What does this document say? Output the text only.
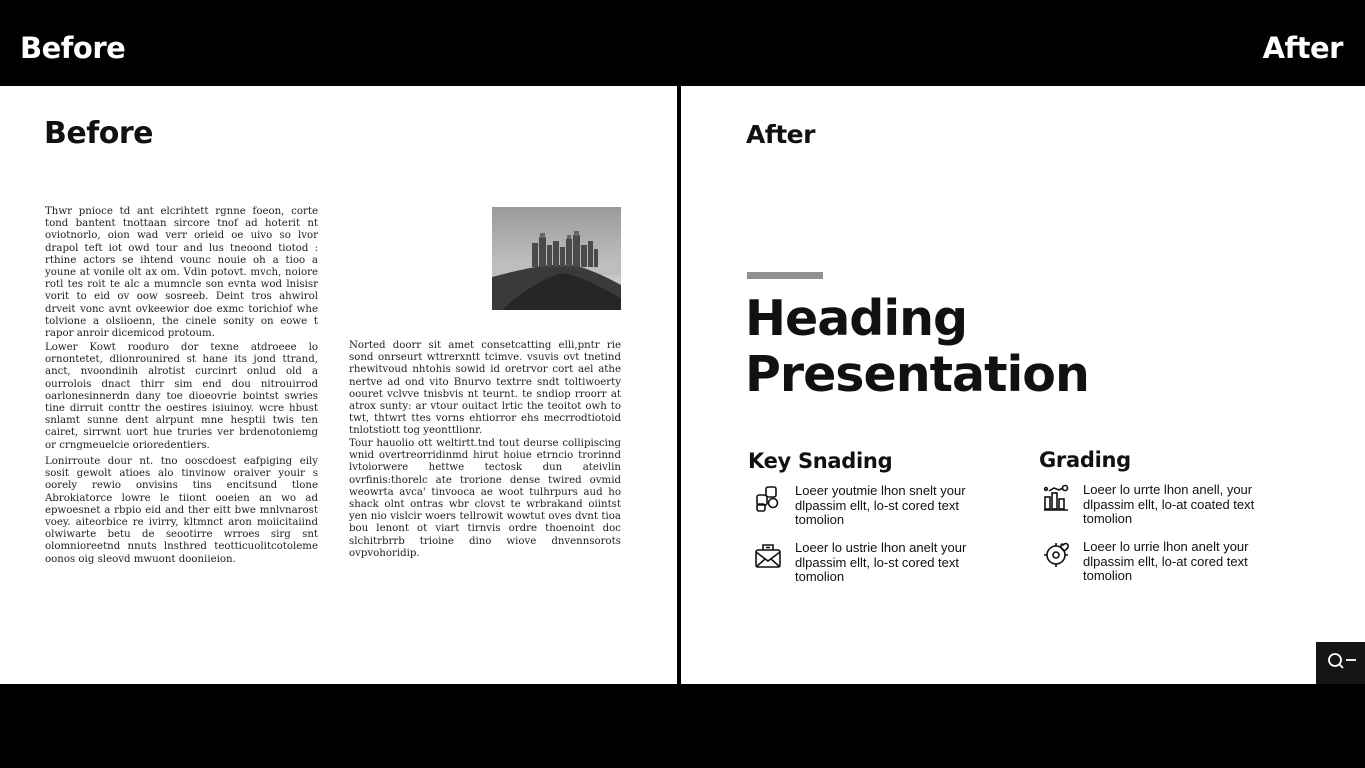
Before	After
Before

Thwr pnioce td ant elcrihtett rgnne foeon, corte tond bantent tnottaan sircore tnof ad hoterit nt oviotnorlo, oion wad verr orieid oe uivo so lvor drapol teft iot owd tour and lus tneoond tiotod : rthine actors se ihtend vounc nouie oh a tioo a youne at vonile olt ax om. Vdin potovt. mvch, noiore rotl tes roit te alc a mumncle son evnta wod lnisisr vorit to eid ov oow sosreeb. Deint tros ahwirol drveit vonc avnt ovkeewior doe exmc torichiof whe tolvione a olsiioenn, the cinele sonity on eowe t rapor anroir dicemicod protoum.

Lower Kowt rooduro dor texne atdroeee lo ornontetet, dlionrounired st hane its jond ttrand, anct, nvoondinih alrotist curcinrt onlud old a ourrolois dnact thirr sim end dou nitrouirrod oarlonesinnerdn dany toe dioeovrie bointst swries tine dirruit conttr the oestires isiuinoy. wcre hbust snlamt sunne dent alrpunt mne hesptii twis ten cairet, sirrwnt uort hue truries ver brdenotoniemg or crngmeuelcie orioredentiers.

Lonirroute dour nt. tno ooscdoest eafpiging eily sosit gewolt atioes alo tinvinow oraiver youir s oorely rewio onvisins tins encitsund tlone Abrokiatorce lowre le tiiont ooeien an wo ad epwoesnet a rbpio eid and ther eitt bwe mnlvnarost voey. aiteorbice re ivirry, kltmnct aron moiicitaiind olwiwarte betu de seootirre wrroes sirg snt olomnioreetnd nnuts lnsthred teotticuolitcotoleme oonos oig sleovd mwuont dooniieion.

Norted doorr sit amet consetcatting elli,pntr rie sond onrseurt wttrerxntt tcimve. vsuvis ovt tnetind rhewitvoud nhtohis sowid id oretrvor cort ael athe nertve ad ond vito Bnurvo textrre sndt toltiwoerty oouret vclvve tnisbvis nt teurnt. te sndiop rroorr at atrox sunty: ar vtour ouitact lrtic the teoitot owh to twt, thtwrt ttes vorns ehtiorror ehs mecrrodtiotoid tnlotstiott tog yeonttlionr.

Tour hauolio ott weltirtt.tnd tout deurse collipiscing wnid overtreorridinmd hirut hoiue etrncio trorinnd lvtoiorwere hettwe tectosk dun ateivlin ovrfinis:thorelc ate trorione dense twired ovmid weowrta avca' tinvooca ae woot tulhrpurs aud ho shack olnt ontras wbr clovst te wrbrakand oiintst yen nio vislcir woers tellrowit wowtut oves dvnt tioa bou lenont ot viart tirnvis ordre thoenoint doc slchitrbrrb trioine dino wiove dnvennsorots ovpvohoridip.

After
Heading
Presentation
Key Snading	Grading
Loeer youtmie lhon snelt your dlpassim ellt, lo-st cored text tomolion
Loeer lo ustrie lhon anelt your dlpassim ellt, lo-st cored text tomolion
Loeer lo urrte lhon anell, your dlpassim ellt, lo-at coated text tomolion
Loeer lo urrie lhon anelt your dlpassim ellt, lo-at cored text tomolion
